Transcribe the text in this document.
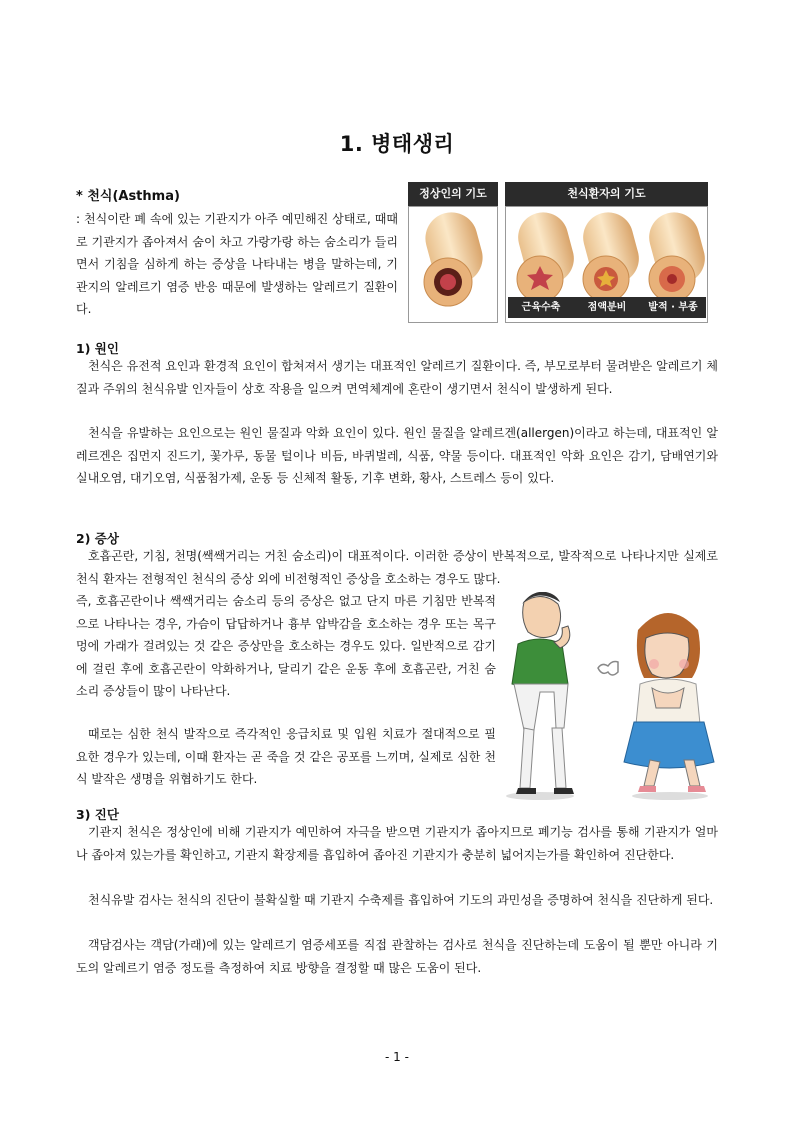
1. 병태생리
* 천식(Asthma)

: 천식이란 폐 속에 있는 기관지가 아주 예민해진 상태로, 때때로 기관지가 좁아져서 숨이 차고 가랑가랑 하는 숨소리가 들리면서 기침을 심하게 하는 증상을 나타내는 병을 말하는데, 기관지의 알레르기 염증 반응 때문에 발생하는 알레르기 질환이다.

정상인의 기도	천식환자의 기도
근육수축	점액분비	발적 · 부종
1) 원인

천식은 유전적 요인과 환경적 요인이 합쳐져서 생기는 대표적인 알레르기 질환이다. 즉, 부모로부터 물려받은 알레르기 체질과 주위의 천식유발 인자들이 상호 작용을 일으켜 면역체계에 혼란이 생기면서 천식이 발생하게 된다.

천식을 유발하는 요인으로는 원인 물질과 악화 요인이 있다. 원인 물질을 알레르겐(allergen)이라고 하는데, 대표적인 알레르겐은 집먼지 진드기, 꽃가루, 동물 털이나 비듬, 바퀴벌레, 식품, 약물 등이다. 대표적인 악화 요인은 감기, 담배연기와 실내오염, 대기오염, 식품첨가제, 운동 등 신체적 활동, 기후 변화, 황사, 스트레스 등이 있다.

2) 증상

호흡곤란, 기침, 천명(쌕쌕거리는 거친 숨소리)이 대표적이다. 이러한 증상이 반복적으로, 발작적으로 나타나지만 실제로 천식 환자는 전형적인 천식의 증상 외에 비전형적인 증상을 호소하는 경우도 많다.

즉, 호흡곤란이나 쌕쌕거리는 숨소리 등의 증상은 없고 단지 마른 기침만 반복적으로 나타나는 경우, 가슴이 답답하거나 흉부 압박감을 호소하는 경우 또는 목구멍에 가래가 걸려있는 것 같은 증상만을 호소하는 경우도 있다. 일반적으로 감기에 걸린 후에 호흡곤란이 악화하거나, 달리기 같은 운동 후에 호흡곤란, 거친 숨소리 증상들이 많이 나타난다.

때로는 심한 천식 발작으로 즉각적인 응급치료 및 입원 치료가 절대적으로 필요한 경우가 있는데, 이때 환자는 곧 죽을 것 같은 공포를 느끼며, 실제로 심한 천식 발작은 생명을 위협하기도 한다.

3) 진단

기관지 천식은 정상인에 비해 기관지가 예민하여 자극을 받으면 기관지가 좁아지므로 폐기능 검사를 통해 기관지가 얼마나 좁아져 있는가를 확인하고, 기관지 확장제를 흡입하여 좁아진 기관지가 충분히 넓어지는가를 확인하여 진단한다.

천식유발 검사는 천식의 진단이 불확실할 때 기관지 수축제를 흡입하여 기도의 과민성을 증명하여 천식을 진단하게 된다.

객담검사는 객담(가래)에 있는 알레르기 염증세포를 직접 관찰하는 검사로 천식을 진단하는데 도움이 될 뿐만 아니라 기도의 알레르기 염증 정도를 측정하여 치료 방향을 결정할 때 많은 도움이 된다.

- 1 -
